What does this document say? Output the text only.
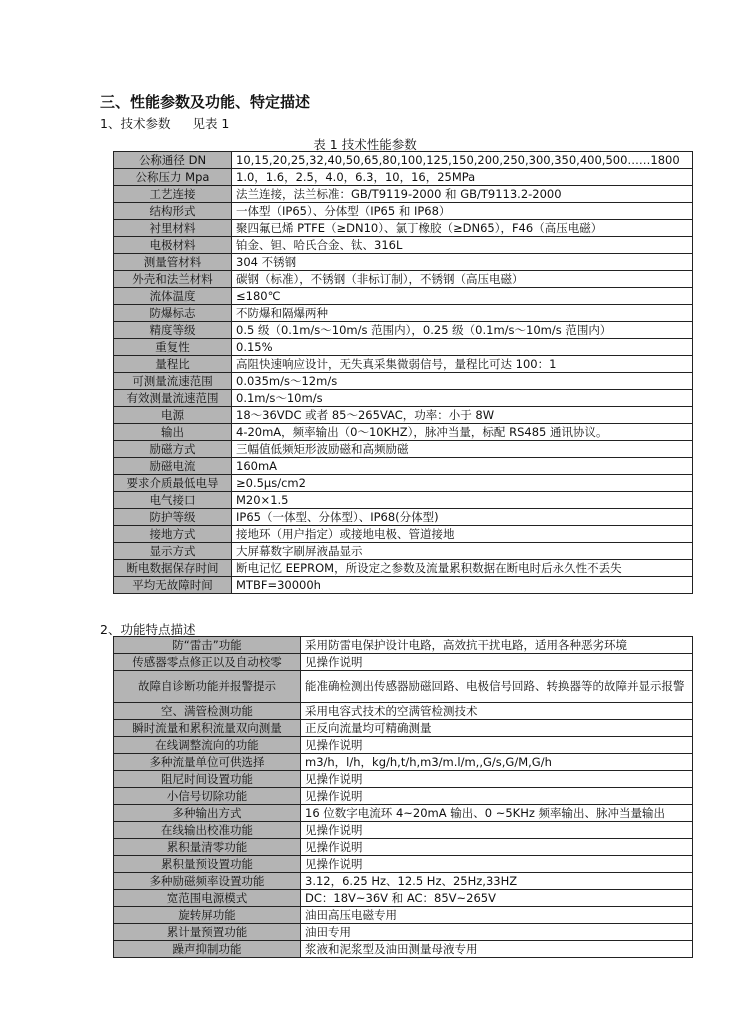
三、性能参数及功能、特定描述
1、技术参数 见表 1
表 1 技术性能参数
公称通径 DN	10,15,20,25,32,40,50,65,80,100,125,150,200,250,300,350,400,500……1800
公称压力 Mpa	1.0，1.6，2.5，4.0，6.3，10，16，25MPa
工艺连接	法兰连接，法兰标准：GB/T9119-2000 和 GB/T9113.2-2000
结构形式	一体型（IP65）、分体型（IP65 和 IP68）
衬里材料	聚四氟已烯 PTFE（≥DN10）、氯丁橡胶（≥DN65），F46（高压电磁）
电极材料	铂金、钽、哈氏合金、钛、316L
测量管材料	304 不锈钢
外壳和法兰材料	碳钢（标准），不锈钢（非标订制），不锈钢（高压电磁）
流体温度	≤180℃
防爆标志	不防爆和隔爆两种
精度等级	0.5 级（0.1m/s～10m/s 范围内），0.25 级（0.1m/s～10m/s 范围内）
重复性	0.15%
量程比	高阻快速响应设计，无失真采集微弱信号，量程比可达 100：1
可测量流速范围	0.035m/s～12m/s
有效测量流速范围	0.1m/s～10m/s
电源	18～36VDC 或者 85～265VAC，功率：小于 8W
输出	4-20mA，频率输出（0～10KHZ），脉冲当量，标配 RS485 通讯协议。
励磁方式	三幅值低频矩形波励磁和高频励磁
励磁电流	160mA
要求介质最低电导	≥0.5μs/cm2
电气接口	M20×1.5
防护等级	IP65（一体型、分体型）、IP68(分体型)
接地方式	接地环（用户指定）或接地电极、管道接地
显示方式	大屏幕数字刷屏液晶显示
断电数据保存时间	断电记忆 EEPROM，所设定之参数及流量累积数据在断电时后永久性不丢失
平均无故障时间	MTBF=30000h
2、功能特点描述
防“雷击”功能	采用防雷电保护设计电路，高效抗干扰电路，适用各种恶劣环境
传感器零点修正以及自动校零	见操作说明
故障自诊断功能并报警提示	能准确检测出传感器励磁回路、电极信号回路、转换器等的故障并显示报警
空、满管检测功能	采用电容式技术的空满管检测技术
瞬时流量和累积流量双向测量	正反向流量均可精确测量
在线调整流向的功能	见操作说明
多种流量单位可供选择	m3/h，l/h，kg/h,t/h,m3/m.l/m,,G/s,G/M,G/h
阻尼时间设置功能	见操作说明
小信号切除功能	见操作说明
多种输出方式	16 位数字电流环 4~20mA 输出、0 ~5KHz 频率输出、脉冲当量输出
在线输出校准功能	见操作说明
累积量清零功能	见操作说明
累积量预设置功能	见操作说明
多种励磁频率设置功能	3.12，6.25 Hz、12.5 Hz、25Hz,33HZ
宽范围电源模式	DC：18V~36V 和 AC：85V~265V
旋转屏功能	油田高压电磁专用
累计量预置功能	油田专用
躁声抑制功能	浆液和泥浆型及油田测量母液专用
